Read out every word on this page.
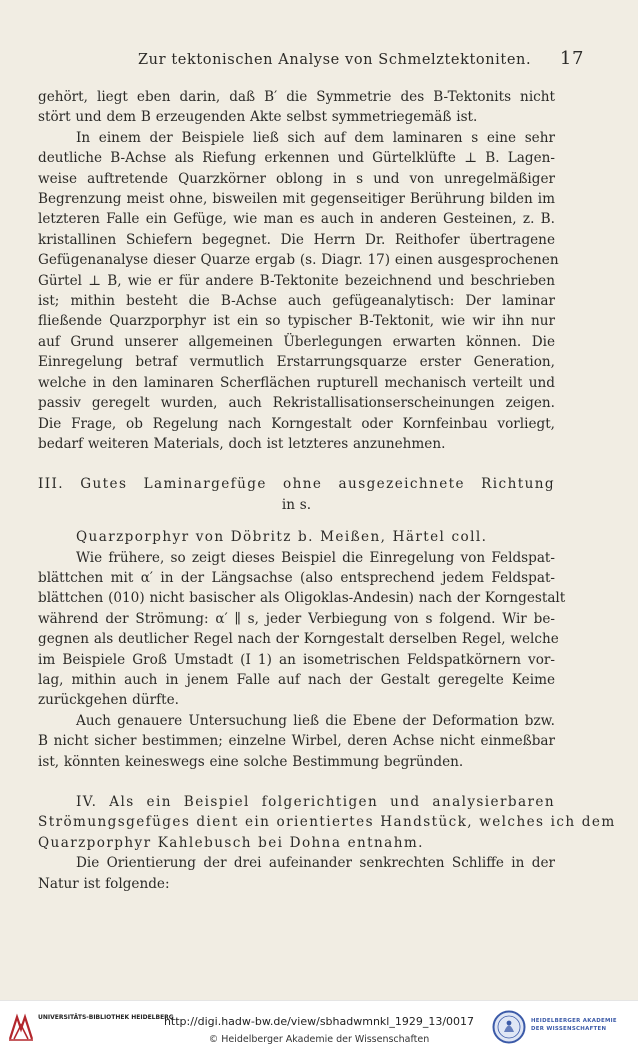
Zur tektonischen Analyse von Schmelztektoniten. 17

gehört, liegt eben darin, daß B′ die Symmetrie des B-Tektonits nicht

stört und dem B erzeugenden Akte selbst symmetriegemäß ist.

In einem der Beispiele ließ sich auf dem laminaren s eine sehr

deutliche B-Achse als Riefung erkennen und Gürtelklüfte ⊥ B. Lagen-

weise auftretende Quarzkörner oblong in s und von unregelmäßiger

Begrenzung meist ohne, bisweilen mit gegenseitiger Berührung bilden im

letzteren Falle ein Gefüge, wie man es auch in anderen Gesteinen, z. B.

kristallinen Schiefern begegnet. Die Herrn Dr. Reithofer übertragene

Gefügenanalyse dieser Quarze ergab (s. Diagr. 17) einen ausgesprochenen

Gürtel ⊥ B, wie er für andere B-Tektonite bezeichnend und beschrieben

ist; mithin besteht die B-Achse auch gefügeanalytisch: Der laminar

fließende Quarzporphyr ist ein so typischer B-Tektonit, wie wir ihn nur

auf Grund unserer allgemeinen Überlegungen erwarten können. Die

Einregelung betraf vermutlich Erstarrungsquarze erster Generation,

welche in den laminaren Scherflächen rupturell mechanisch verteilt und

passiv geregelt wurden, auch Rekristallisationserscheinungen zeigen.

Die Frage, ob Regelung nach Korngestalt oder Kornfeinbau vorliegt,

bedarf weiteren Materials, doch ist letzteres anzunehmen.

III. Gutes Laminargefüge ohne ausgezeichnete Richtung

in s.

Quarzporphyr von Döbritz b. Meißen, Härtel coll.

Wie frühere, so zeigt dieses Beispiel die Einregelung von Feldspat-

blättchen mit α′ in der Längsachse (also entsprechend jedem Feldspat-

blättchen (010) nicht basischer als Oligoklas-Andesin) nach der Korngestalt

während der Strömung: α′ ∥ s, jeder Verbiegung von s folgend. Wir be-

gegnen als deutlicher Regel nach der Korngestalt derselben Regel, welche

im Beispiele Groß Umstadt (I 1) an isometrischen Feldspatkörnern vor-

lag, mithin auch in jenem Falle auf nach der Gestalt geregelte Keime

zurückgehen dürfte.

Auch genauere Untersuchung ließ die Ebene der Deformation bzw.

B nicht sicher bestimmen; einzelne Wirbel, deren Achse nicht einmeßbar

ist, könnten keineswegs eine solche Bestimmung begründen.

IV. Als ein Beispiel folgerichtigen und analysierbaren

Strömungsgefüges dient ein orientiertes Handstück, welches ich dem

Quarzporphyr Kahlebusch bei Dohna entnahm.

Die Orientierung der drei aufeinander senkrechten Schliffe in der

Natur ist folgende:

UNIVERSITÄTS-BIBLIOTHEK HEIDELBERG
http://digi.hadw-bw.de/view/sbhadwmnkl_1929_13/0017
© Heidelberger Akademie der Wissenschaften
HEIDELBERGER AKADEMIE DER WISSENSCHAFTEN
